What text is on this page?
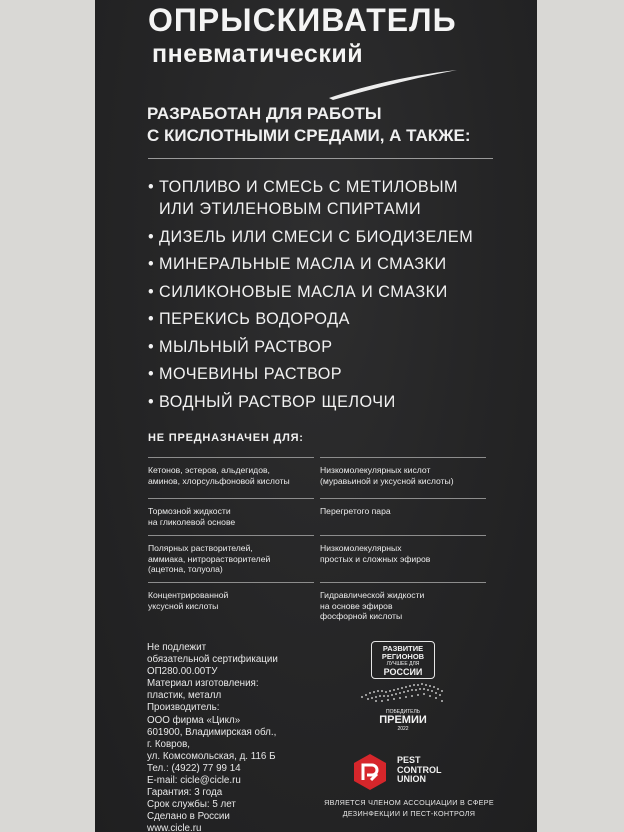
ОПРЫСКИВАТЕЛЬ
пневматический
РАЗРАБОТАН ДЛЯ РАБОТЫ
С КИСЛОТНЫМИ СРЕДАМИ, А ТАКЖЕ:
• ТОПЛИВО И СМЕСЬ С МЕТИЛОВЫМ
ИЛИ ЭТИЛЕНОВЫМ СПИРТАМИ
• ДИЗЕЛЬ ИЛИ СМЕСИ С БИОДИЗЕЛЕМ
• МИНЕРАЛЬНЫЕ МАСЛА И СМАЗКИ
• СИЛИКОНОВЫЕ МАСЛА И СМАЗКИ
• ПЕРЕКИСЬ ВОДОРОДА
• МЫЛЬНЫЙ РАСТВОР
• МОЧЕВИНЫ РАСТВОР
• ВОДНЫЙ РАСТВОР ЩЕЛОЧИ
НЕ ПРЕДНАЗНАЧЕН ДЛЯ:
Кетонов, эстеров, альдегидов,
аминов, хлорсульфоновой кислоты
Тормозной жидкости
на гликолевой основе
Полярных растворителей,
аммиака, нитрорастворителей
(ацетона, толуола)
Концентрированной
уксусной кислоты
Низкомолекулярных кислот
(муравьиной и уксусной кислоты)
Перегретого пара
Низкомолекулярных
простых и сложных эфиров
Гидравлической жидкости
на основе эфиров
фосфорной кислоты
Не подлежит
обязательной сертификации
ОП280.00.00ТУ
Материал изготовления:
пластик, металл
Производитель:
ООО фирма «Цикл»
601900, Владимирская обл.,
г. Ковров,
ул. Комсомольская, д. 116 Б
Тел.: (4922) 77 99 14
E-mail: cicle@cicle.ru
Гарантия: 3 года
Срок службы: 5 лет
Сделано в России
www.cicle.ru
РАЗВИТИЕ
РЕГИОНОВ
ЛУЧШЕЕ ДЛЯ
РОССИИ
ПОБЕДИТЕЛЬ
ПРЕМИИ
2022
PEST
CONTROL
UNION
ЯВЛЯЕТСЯ ЧЛЕНОМ АССОЦИАЦИИ В СФЕРЕ
ДЕЗИНФЕКЦИИ И ПЕСТ-КОНТРОЛЯ
